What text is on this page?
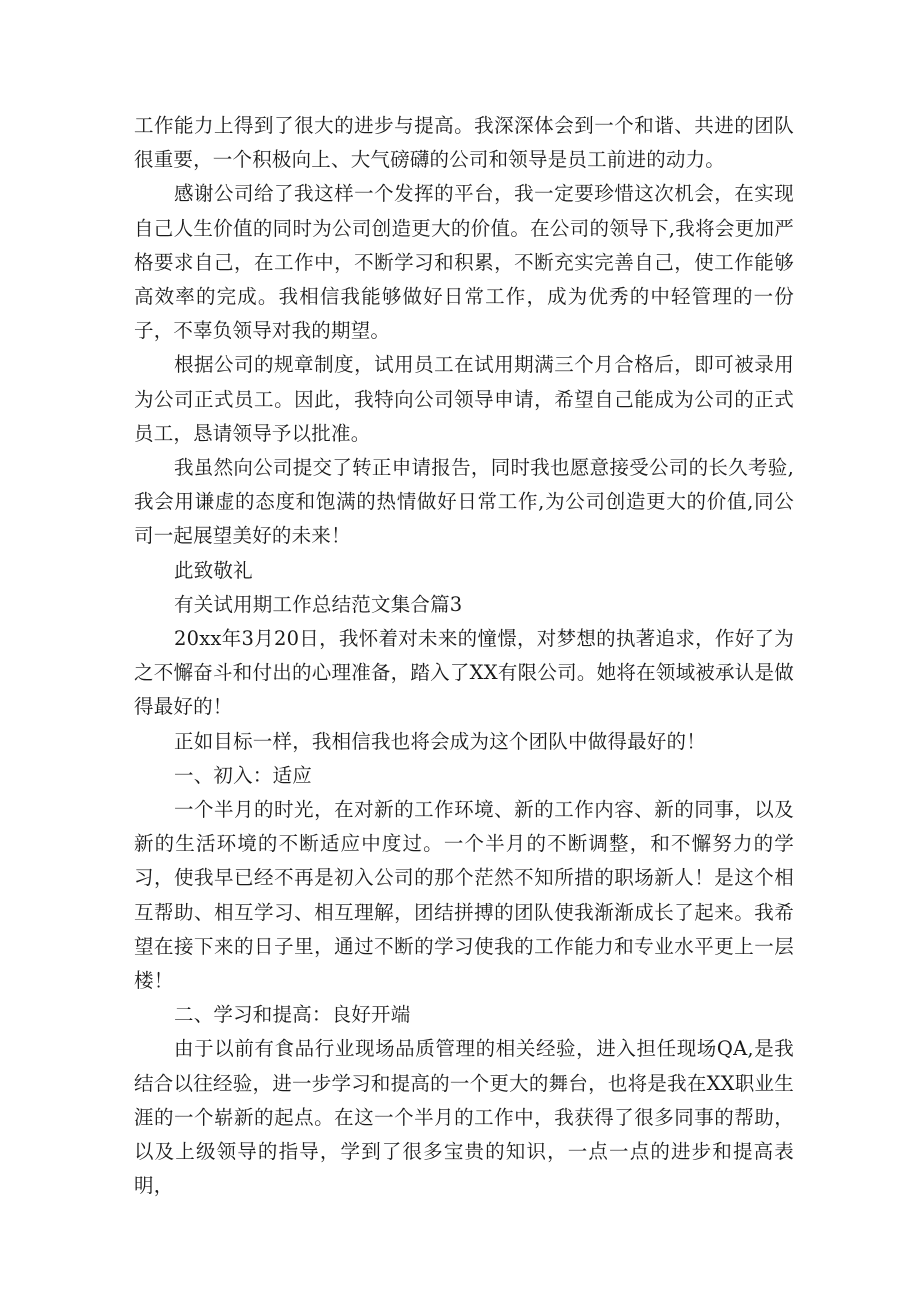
工作能力上得到了很大的进步与提高。我深深体会到一个和谐、共进的团队很重要，一个积极向上、大气磅礴的公司和领导是员工前进的动力。

感谢公司给了我这样一个发挥的平台，我一定要珍惜这次机会，在实现自己人生价值的同时为公司创造更大的价值。在公司的领导下,我将会更加严格要求自己，在工作中，不断学习和积累，不断充实完善自己，使工作能够高效率的完成。我相信我能够做好日常工作，成为优秀的中轻管理的一份子，不辜负领导对我的期望。

根据公司的规章制度，试用员工在试用期满三个月合格后，即可被录用为公司正式员工。因此，我特向公司领导申请，希望自己能成为公司的正式员工，恳请领导予以批准。

我虽然向公司提交了转正申请报告，同时我也愿意接受公司的长久考验,我会用谦虚的态度和饱满的热情做好日常工作,为公司创造更大的价值,同公司一起展望美好的未来！

此致敬礼

有关试用期工作总结范文集合篇3

20xx年3月20日，我怀着对未来的憧憬，对梦想的执著追求，作好了为之不懈奋斗和付出的心理准备，踏入了XX有限公司。她将在领域被承认是做得最好的！

正如目标一样，我相信我也将会成为这个团队中做得最好的！

一、初入：适应

一个半月的时光，在对新的工作环境、新的工作内容、新的同事，以及新的生活环境的不断适应中度过。一个半月的不断调整，和不懈努力的学习，使我早已经不再是初入公司的那个茫然不知所措的职场新人！是这个相互帮助、相互学习、相互理解，团结拼搏的团队使我渐渐成长了起来。我希望在接下来的日子里，通过不断的学习使我的工作能力和专业水平更上一层楼！

二、学习和提高：良好开端

由于以前有食品行业现场品质管理的相关经验，进入担任现场QA,是我结合以往经验，进一步学习和提高的一个更大的舞台，也将是我在XX职业生涯的一个崭新的起点。在这一个半月的工作中，我获得了很多同事的帮助，以及上级领导的指导，学到了很多宝贵的知识，一点一点的进步和提高表明，
